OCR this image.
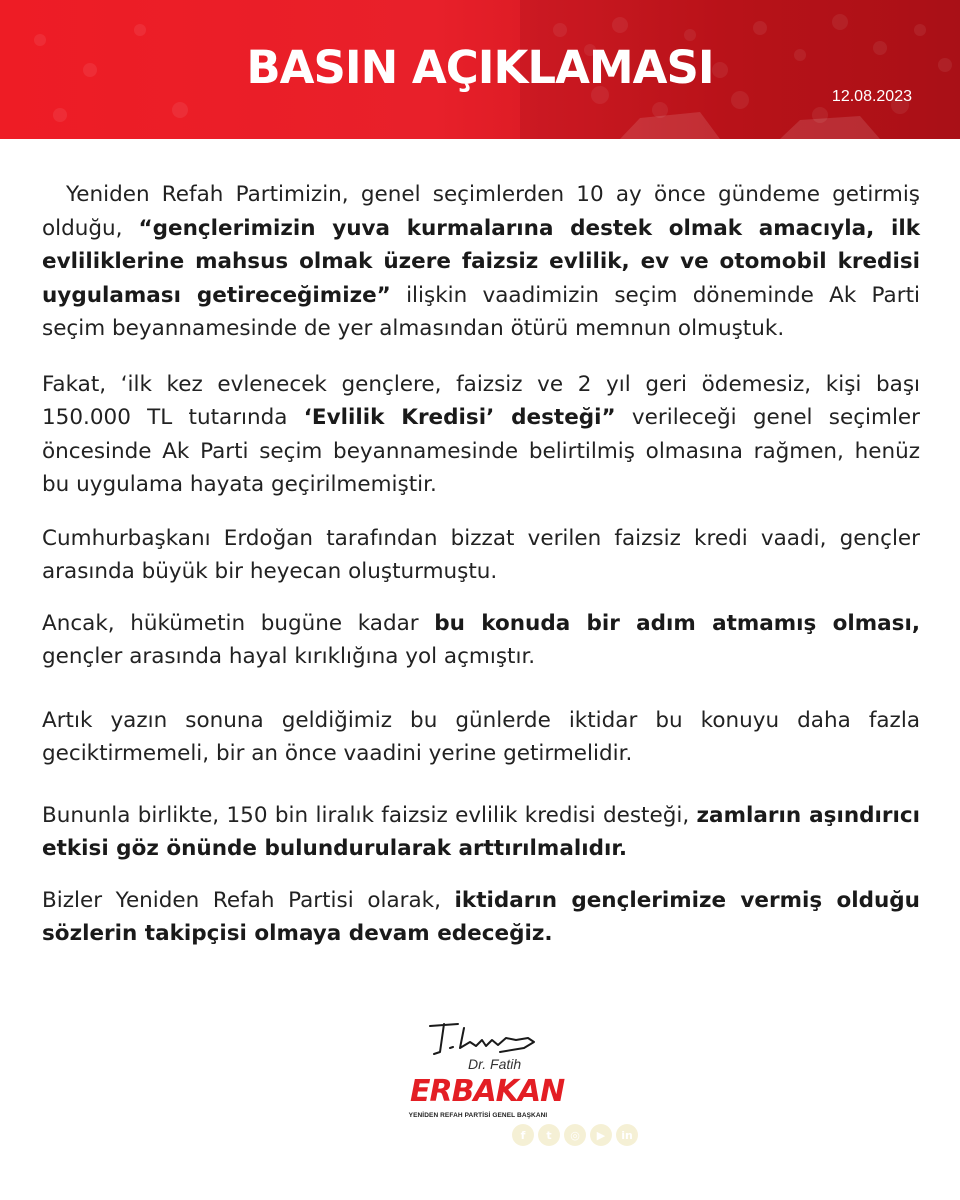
BASIN AÇIKLAMASI
12.08.2023

Yeniden Refah Partimizin, genel seçimlerden 10 ay önce gündeme getirmiş olduğu, “gençlerimizin yuva kurmalarına destek olmak amacıyla, ilk evliliklerine mahsus olmak üzere faizsiz evlilik, ev ve otomobil kredisi uygulaması getireceğimize” ilişkin vaadimizin seçim döneminde Ak Parti seçim beyannamesinde de yer almasından ötürü memnun olmuştuk.

Fakat, ‘ilk kez evlenecek gençlere, faizsiz ve 2 yıl geri ödemesiz, kişi başı 150.000 TL tutarında ‘Evlilik Kredisi’ desteği” verileceği genel seçimler öncesinde Ak Parti seçim beyannamesinde belirtilmiş olmasına rağmen, henüz bu uygulama hayata geçirilmemiştir.

Cumhurbaşkanı Erdoğan tarafından bizzat verilen faizsiz kredi vaadi, gençler arasında büyük bir heyecan oluşturmuştu.

Ancak, hükümetin bugüne kadar bu konuda bir adım atmamış olması, gençler arasında hayal kırıklığına yol açmıştır.

Artık yazın sonuna geldiğimiz bu günlerde iktidar bu konuyu daha fazla geciktirmemeli, bir an önce vaadini yerine getirmelidir.

Bununla birlikte, 150 bin liralık faizsiz evlilik kredisi desteği, zamların aşındırıcı etkisi göz önünde bulundurularak arttırılmalıdır.

Bizler Yeniden Refah Partisi olarak, iktidarın gençlerimize vermiş olduğu sözlerin takipçisi olmaya devam edeceğiz.

Dr. Fatih
ERBAKAN
YENİDEN REFAH PARTİSİ GENEL BAŞKANI
f	t	◎	▶	in
